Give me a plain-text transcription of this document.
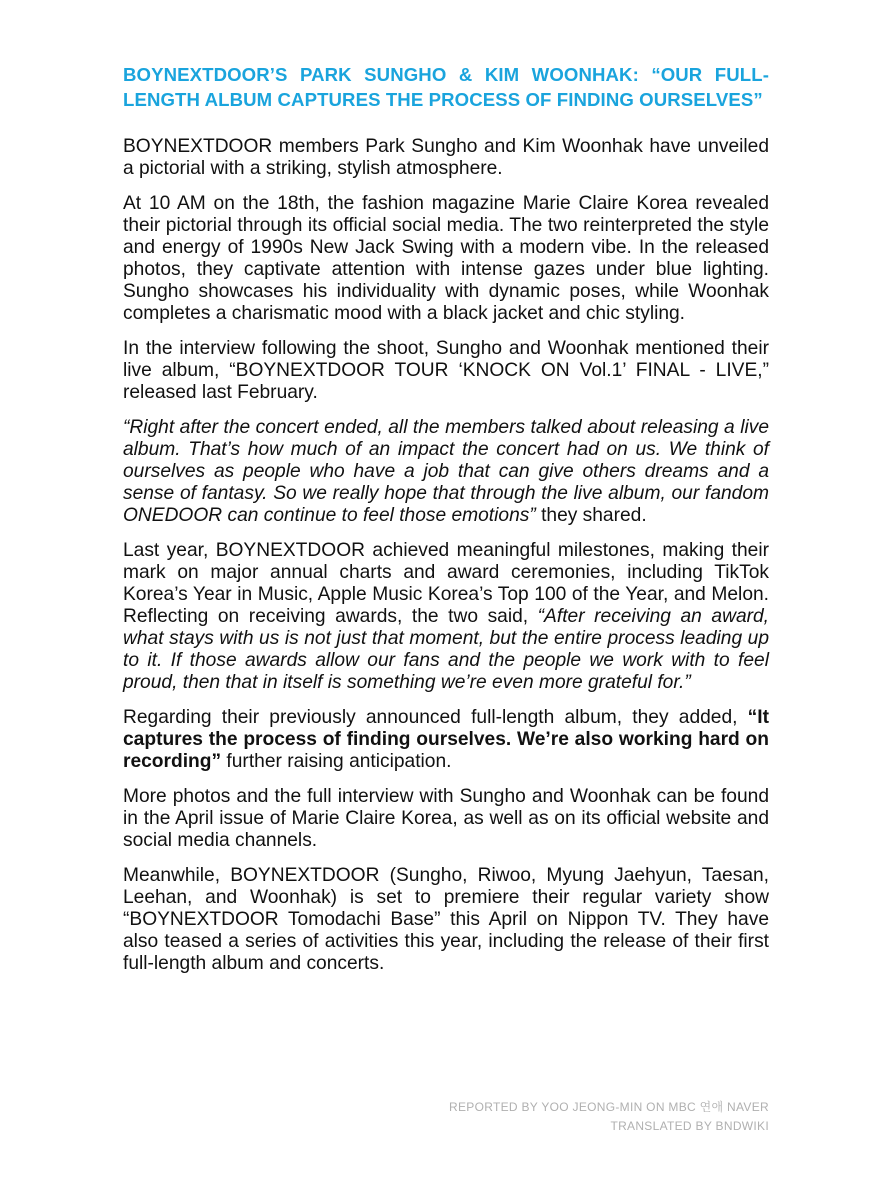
BOYNEXTDOOR’S PARK SUNGHO & KIM WOONHAK: “OUR FULL-LENGTH ALBUM CAPTURES THE PROCESS OF FINDING OURSELVES”

BOYNEXTDOOR members Park Sungho and Kim Woonhak have unveiled a pictorial with a striking, stylish atmosphere.

At 10 AM on the 18th, the fashion magazine Marie Claire Korea revealed their pictorial through its official social media. The two reinterpreted the style and energy of 1990s New Jack Swing with a modern vibe. In the released photos, they captivate attention with intense gazes under blue lighting. Sungho showcases his individuality with dynamic poses, while Woonhak completes a charismatic mood with a black jacket and chic styling.

In the interview following the shoot, Sungho and Woonhak mentioned their live album, “BOYNEXTDOOR TOUR ‘KNOCK ON Vol.1’ FINAL - LIVE,” released last February.

“Right after the concert ended, all the members talked about releasing a live album. That’s how much of an impact the concert had on us. We think of ourselves as people who have a job that can give others dreams and a sense of fantasy. So we really hope that through the live album, our fandom ONEDOOR can continue to feel those emotions” they shared.

Last year, BOYNEXTDOOR achieved meaningful milestones, making their mark on major annual charts and award ceremonies, including TikTok Korea’s Year in Music, Apple Music Korea’s Top 100 of the Year, and Melon. Reflecting on receiving awards, the two said, “After receiving an award, what stays with us is not just that moment, but the entire process leading up to it. If those awards allow our fans and the people we work with to feel proud, then that in itself is something we’re even more grateful for.”

Regarding their previously announced full-length album, they added, “It captures the process of finding ourselves. We’re also working hard on recording” further raising anticipation.

More photos and the full interview with Sungho and Woonhak can be found in the April issue of Marie Claire Korea, as well as on its official website and social media channels.

Meanwhile, BOYNEXTDOOR (Sungho, Riwoo, Myung Jaehyun, Taesan, Leehan, and Woonhak) is set to premiere their regular variety show “BOYNEXTDOOR Tomodachi Base” this April on Nippon TV. They have also teased a series of activities this year, including the release of their first full-length album and concerts.

REPORTED BY YOO JEONG-MIN ON MBC 연애 NAVER
TRANSLATED BY BNDWIKI
